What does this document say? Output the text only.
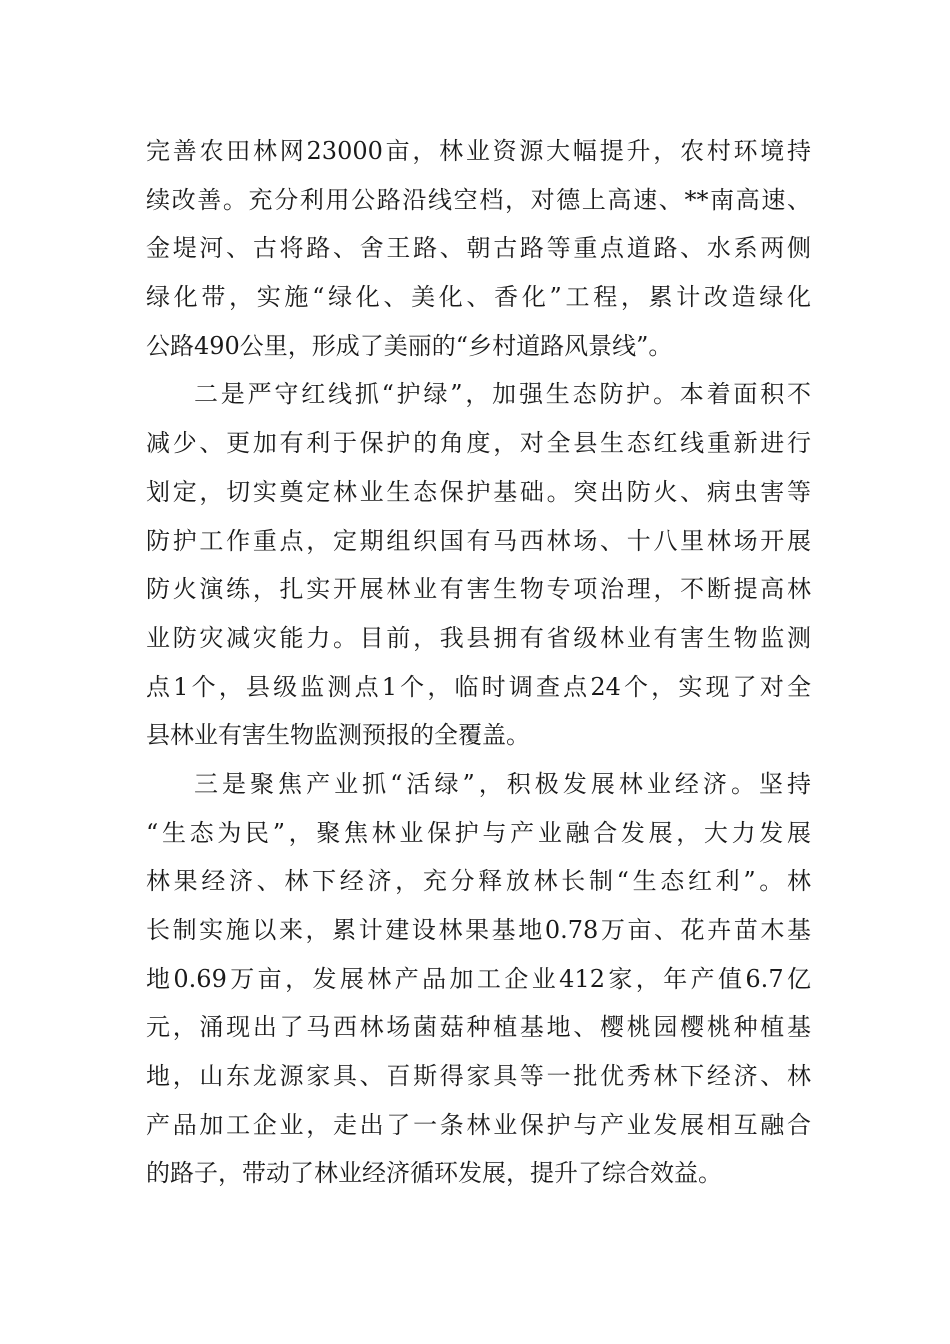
完善农田林网23000亩，林业资源大幅提升，农村环境持
续改善。充分利用公路沿线空档，对德上高速、**南高速、
金堤河、古将路、舍王路、朝古路等重点道路、水系两侧
绿化带，实施“绿化、美化、香化”工程，累计改造绿化
公路490公里，形成了美丽的“乡村道路风景线”。
二是严守红线抓“护绿”，加强生态防护。本着面积不
减少、更加有利于保护的角度，对全县生态红线重新进行
划定，切实奠定林业生态保护基础。突出防火、病虫害等
防护工作重点，定期组织国有马西林场、十八里林场开展
防火演练，扎实开展林业有害生物专项治理，不断提高林
业防灾减灾能力。目前，我县拥有省级林业有害生物监测
点1个，县级监测点1个，临时调查点24个，实现了对全
县林业有害生物监测预报的全覆盖。
三是聚焦产业抓“活绿”，积极发展林业经济。坚持
“生态为民”，聚焦林业保护与产业融合发展，大力发展
林果经济、林下经济，充分释放林长制“生态红利”。林
长制实施以来，累计建设林果基地0.78万亩、花卉苗木基
地0.69万亩，发展林产品加工企业412家，年产值6.7亿
元，涌现出了马西林场菌菇种植基地、樱桃园樱桃种植基
地，山东龙源家具、百斯得家具等一批优秀林下经济、林
产品加工企业，走出了一条林业保护与产业发展相互融合
的路子，带动了林业经济循环发展，提升了综合效益。
